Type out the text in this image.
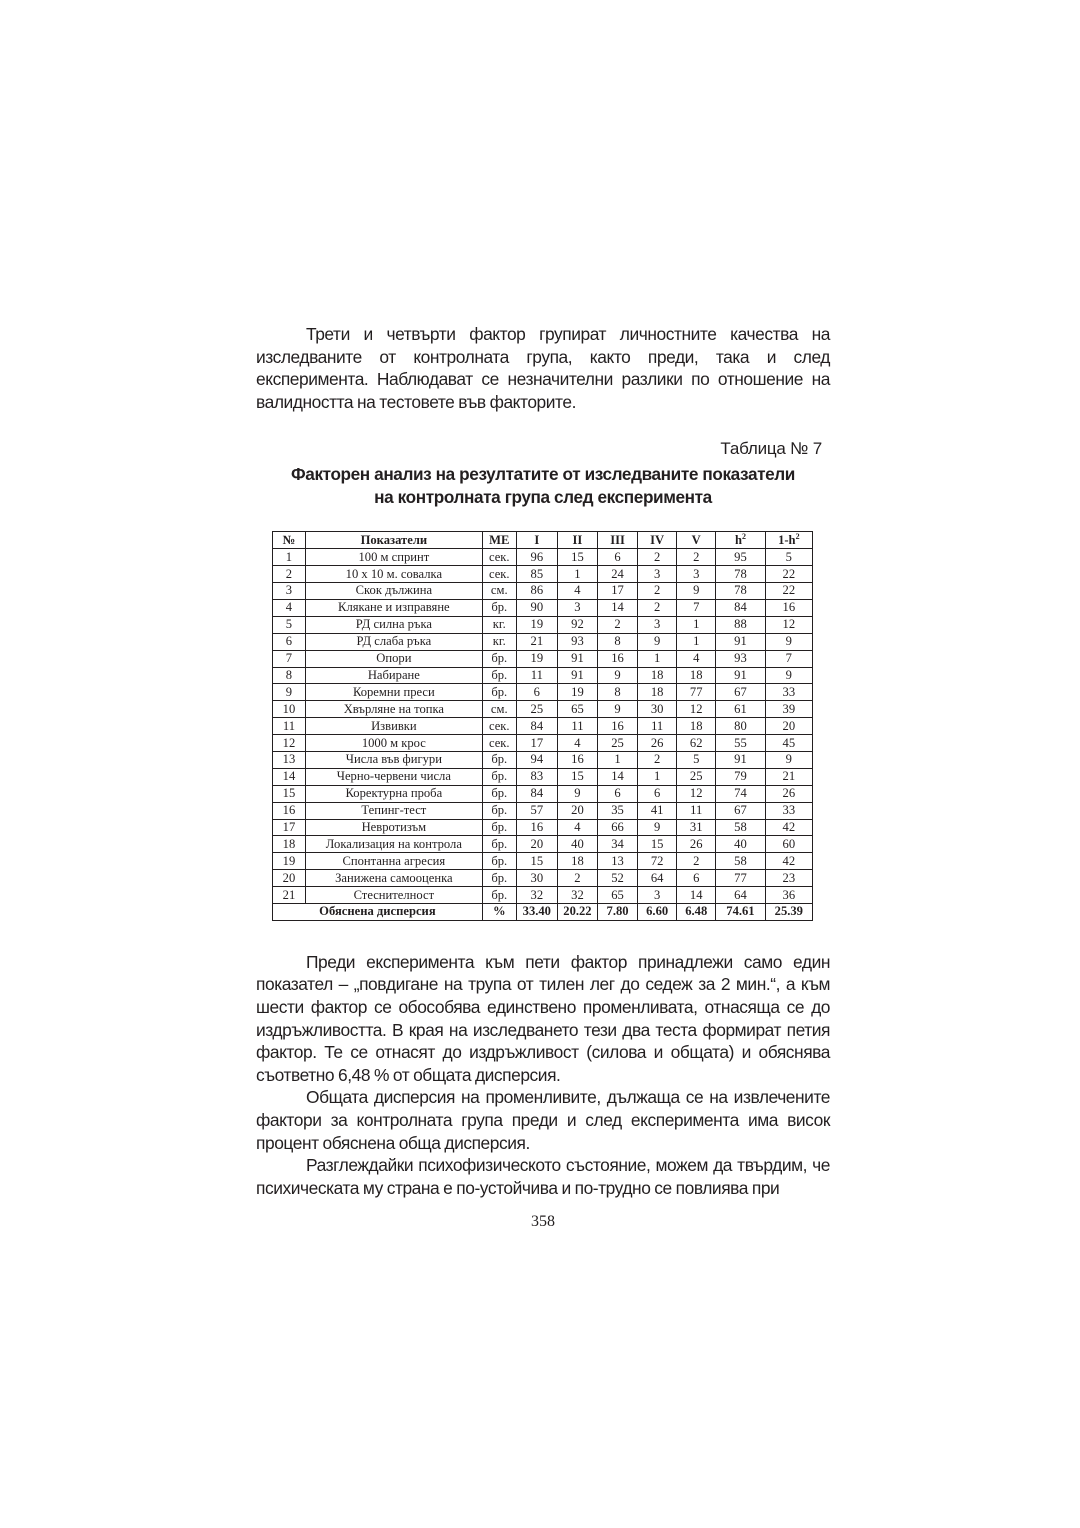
Трети и четвърти фактор групират личностните качества на изследваните от контролната група, както преди, така и след експеримента. Наблюдават се незначителни разлики по отношение на валидността на тестовете във факторите.

Таблица № 7
Факторен анализ на резултатите от изследваните показатели
на контролната група след експеримента
№	Показатели	МЕ	I	II	III	IV	V	$h^2$	$1-h^2$
1	100 м спринт	сек.	96	15	6	2	2	95	5
2	10 х 10 м. совалка	сек.	85	1	24	3	3	78	22
3	Скок дължина	см.	86	4	17	2	9	78	22
4	Клякане и изправяне	бр.	90	3	14	2	7	84	16
5	РД силна ръка	кг.	19	92	2	3	1	88	12
6	РД слаба ръка	кг.	21	93	8	9	1	91	9
7	Опори	бр.	19	91	16	1	4	93	7
8	Набиране	бр.	11	91	9	18	18	91	9
9	Коремни преси	бр.	6	19	8	18	77	67	33
10	Хвърляне на топка	см.	25	65	9	30	12	61	39
11	Извивки	сек.	84	11	16	11	18	80	20
12	1000 м крос	сек.	17	4	25	26	62	55	45
13	Числа във фигури	бр.	94	16	1	2	5	91	9
14	Черно-червени числа	бр.	83	15	14	1	25	79	21
15	Коректурна проба	бр.	84	9	6	6	12	74	26
16	Тепинг-тест	бр.	57	20	35	41	11	67	33
17	Невротизъм	бр.	16	4	66	9	31	58	42
18	Локализация на контрола	бр.	20	40	34	15	26	40	60
19	Спонтанна агресия	бр.	15	18	13	72	2	58	42
20	Занижена самооценка	бр.	30	2	52	64	6	77	23
21	Стеснителност	бр.	32	32	65	3	14	64	36
Обяснена дисперсия		%	33.40	20.22	7.80	6.60	6.48	74.61	25.39

Преди експеримента към пети фактор принадлежи само един показател – „повдигане на трупа от тилен лег до седеж за 2 мин.“, а към шести фактор се обособява единствено променливата, отнасяща се до издръжливостта. В края на изследването тези два теста формират петия фактор. Те се отнасят до издръжливост (силова и общата) и обяснява съответно 6,48 % от общата дисперсия.

Общата дисперсия на променливите, дължаща се на извлечените фактори за контролната група преди и след експеримента има висок процент обяснена обща дисперсия.

Разглеждайки психофизическото състояние, можем да твърдим, че психическата му страна е по-устойчива и по-трудно се повлиява при

358
